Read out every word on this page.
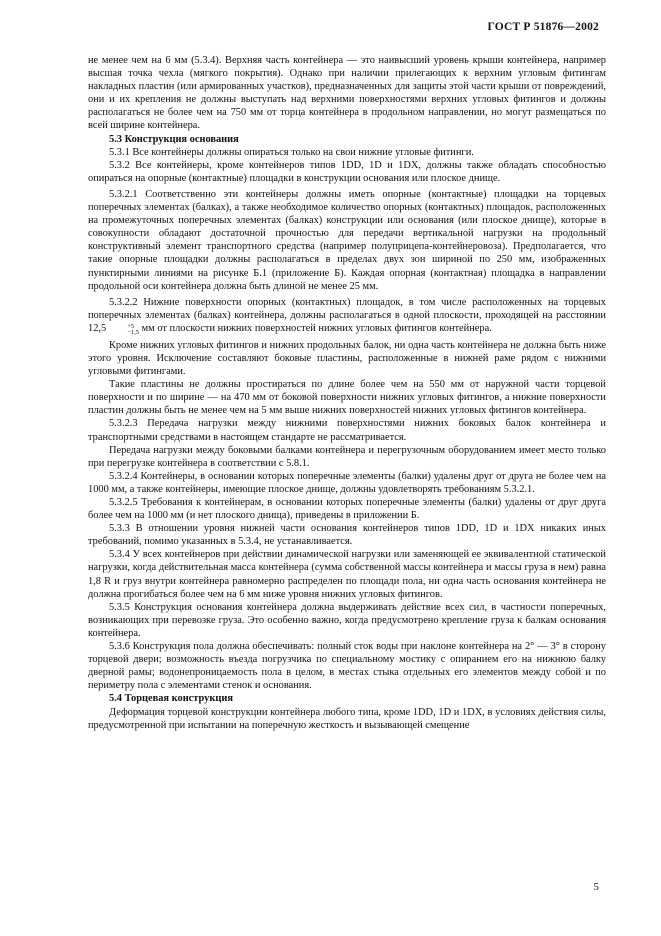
ГОСТ Р 51876—2002

не менее чем на 6 мм (5.3.4). Верхняя часть контейнера — это наивысший уровень крыши контейнера, например высшая точка чехла (мягкого покрытия). Однако при наличии прилегающих к верхним угловым фитингам накладных пластин (или армированных участков), предназначенных для защиты этой части крыши от повреждений, они и их крепления не должны выступать над верхними поверхностями верхних угловых фитингов и должны располагаться не более чем на 750 мм от торца контейнера в продольном направлении, но могут размещаться по всей ширине контейнера.

5.3 Конструкция основания

5.3.1 Все контейнеры должны опираться только на свои нижние угловые фитинги.

5.3.2 Все контейнеры, кроме контейнеров типов 1DD, 1D и 1DX, должны также обладать способностью опираться на опорные (контактные) площадки в конструкции основания или плоское днище.

5.3.2.1 Соответственно эти контейнеры должны иметь опорные (контактные) площадки на торцевых поперечных элементах (балках), а также необходимое количество опорных (контактных) площадок, расположенных на промежуточных поперечных элементах (балках) конструкции или основания (или плоское днище), которые в совокупности обладают достаточной прочностью для передачи вертикальной нагрузки на продольный конструктивный элемент транспортного средства (например полуприцепа-контейнеровоза). Предполагается, что такие опорные площадки должны располагаться в пределах двух зон шириной по 250 мм, изображенных пунктирными линиями на рисунке Б.1 (приложение Б). Каждая опорная (контактная) площадка в направлении продольной оси контейнера должна быть длиной не менее 25 мм.

5.3.2.2 Нижние поверхности опорных (контактных) площадок, в том числе расположенных на торцевых поперечных элементах (балках) контейнера, должны располагаться в одной плоскости, проходящей на расстоянии 12,5	+5
−1,5 мм от плоскости нижних поверхностей нижних угловых фитингов контейнера.

Кроме нижних угловых фитингов и нижних продольных балок, ни одна часть контейнера не должна быть ниже этого уровня. Исключение составляют боковые пластины, расположенные в нижней раме рядом с нижними угловыми фитингами.

Такие пластины не должны простираться по длине более чем на 550 мм от наружной части торцевой поверхности и по ширине — на 470 мм от боковой поверхности нижних угловых фитингов, а нижние поверхности пластин должны быть не менее чем на 5 мм выше нижних поверхностей нижних угловых фитингов контейнера.

5.3.2.3 Передача нагрузки между нижними поверхностями нижних боковых балок контейнера и транспортными средствами в настоящем стандарте не рассматривается.

Передача нагрузки между боковыми балками контейнера и перегрузочным оборудованием имеет место только при перегрузке контейнера в соответствии с 5.8.1.

5.3.2.4 Контейнеры, в основании которых поперечные элементы (балки) удалены друг от друга не более чем на 1000 мм, а также контейнеры, имеющие плоское днище, должны удовлетворять требованиям 5.3.2.1.

5.3.2.5 Требования к контейнерам, в основании которых поперечные элементы (балки) удалены от друг друга более чем на 1000 мм (и нет плоского днища), приведены в приложении Б.

5.3.3 В отношении уровня нижней части основания контейнеров типов 1DD, 1D и 1DX никаких иных требований, помимо указанных в 5.3.4, не устанавливается.

5.3.4 У всех контейнеров при действии динамической нагрузки или заменяющей ее эквивалентной статической нагрузки, когда действительная масса контейнера (сумма собственной массы контейнера и массы груза в нем) равна 1,8 R и груз внутри контейнера равномерно распределен по площади пола, ни одна часть основания контейнера не должна прогибаться более чем на 6 мм ниже уровня нижних угловых фитингов.

5.3.5 Конструкция основания контейнера должна выдерживать действие всех сил, в частности поперечных, возникающих при перевозке груза. Это особенно важно, когда предусмотрено крепление груза к балкам основания контейнера.

5.3.6 Конструкция пола должна обеспечивать: полный сток воды при наклоне контейнера на 2° — 3° в сторону торцевой двери; возможность въезда погрузчика по специальному мостику с опиранием его на нижнюю балку дверной рамы; водонепроницаемость пола в целом, в местах стыка отдельных его элементов между собой и по периметру пола с элементами стенок и основания.

5.4 Торцевая конструкция

Деформация торцевой конструкции контейнера любого типа, кроме 1DD, 1D и 1DX, в условиях действия силы, предусмотренной при испытании на поперечную жесткость и вызывающей смещение

5
